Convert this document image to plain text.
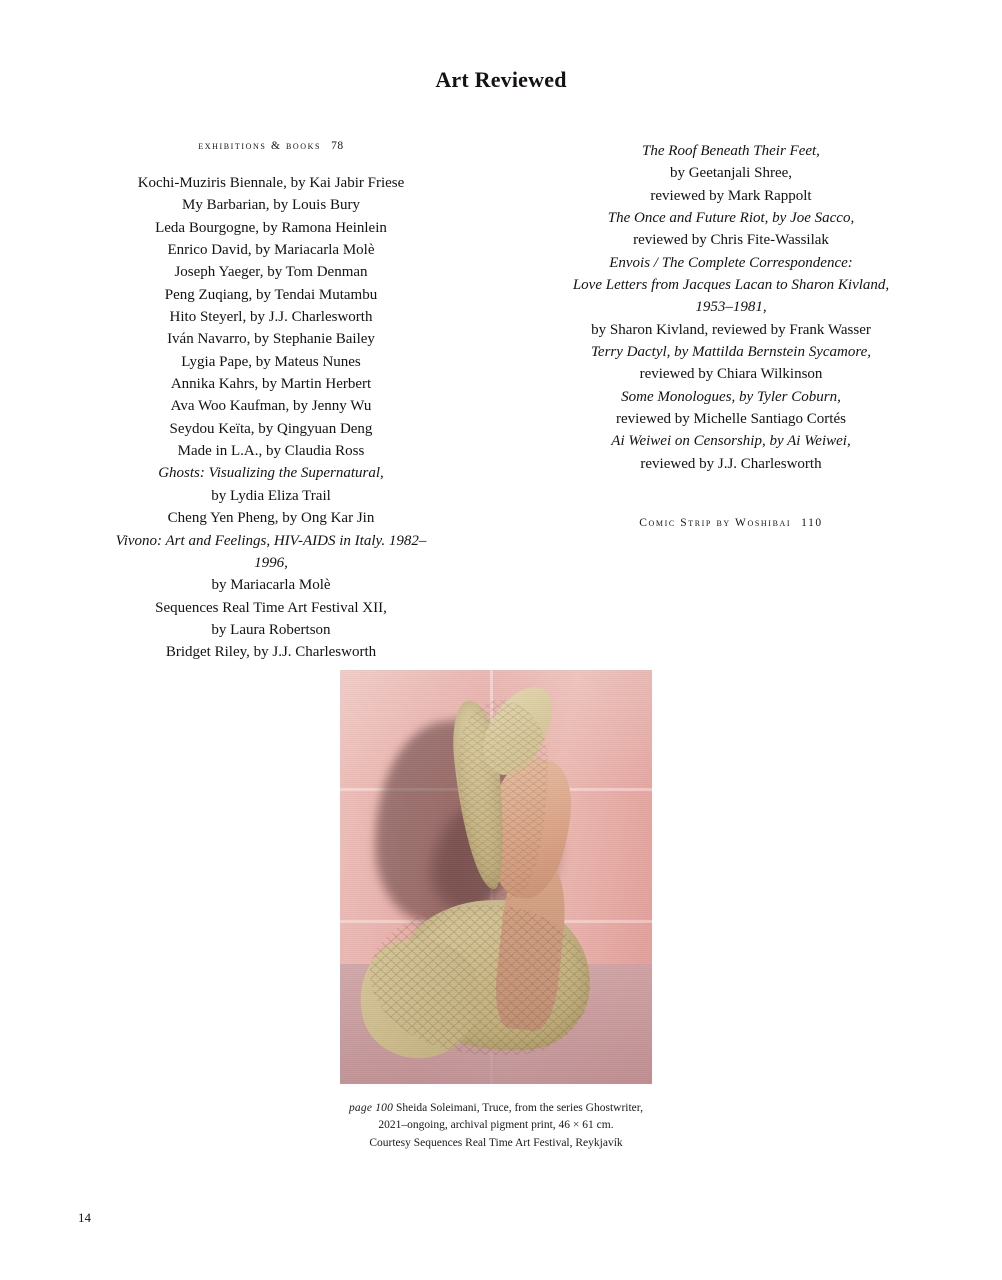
Art Reviewed
exhibitions & books 78
Kochi-Muziris Biennale, by Kai Jabir Friese
My Barbarian, by Louis Bury
Leda Bourgogne, by Ramona Heinlein
Enrico David, by Mariacarla Molè
Joseph Yaeger, by Tom Denman
Peng Zuqiang, by Tendai Mutambu
Hito Steyerl, by J.J. Charlesworth
Iván Navarro, by Stephanie Bailey
Lygia Pape, by Mateus Nunes
Annika Kahrs, by Martin Herbert
Ava Woo Kaufman, by Jenny Wu
Seydou Keïta, by Qingyuan Deng
Made in L.A., by Claudia Ross
Ghosts: Visualizing the Supernatural,
by Lydia Eliza Trail
Cheng Yen Pheng, by Ong Kar Jin
Vivono: Art and Feelings, HIV-AIDS in Italy. 1982–1996,
by Mariacarla Molè
Sequences Real Time Art Festival XII,
by Laura Robertson
Bridget Riley, by J.J. Charlesworth
The Roof Beneath Their Feet,
by Geetanjali Shree,
reviewed by Mark Rappolt
The Once and Future Riot, by Joe Sacco,
reviewed by Chris Fite-Wassilak
Envois / The Complete Correspondence:
Love Letters from Jacques Lacan to Sharon Kivland, 1953–1981,
by Sharon Kivland, reviewed by Frank Wasser
Terry Dactyl, by Mattilda Bernstein Sycamore,
reviewed by Chiara Wilkinson
Some Monologues, by Tyler Coburn,
reviewed by Michelle Santiago Cortés
Ai Weiwei on Censorship, by Ai Weiwei,
reviewed by J.J. Charlesworth
Comic Strip by Woshibai 110
page 100 Sheida Soleimani, Truce, from the series Ghostwriter,
2021–ongoing, archival pigment print, 46 × 61 cm.
Courtesy Sequences Real Time Art Festival, Reykjavík
14
